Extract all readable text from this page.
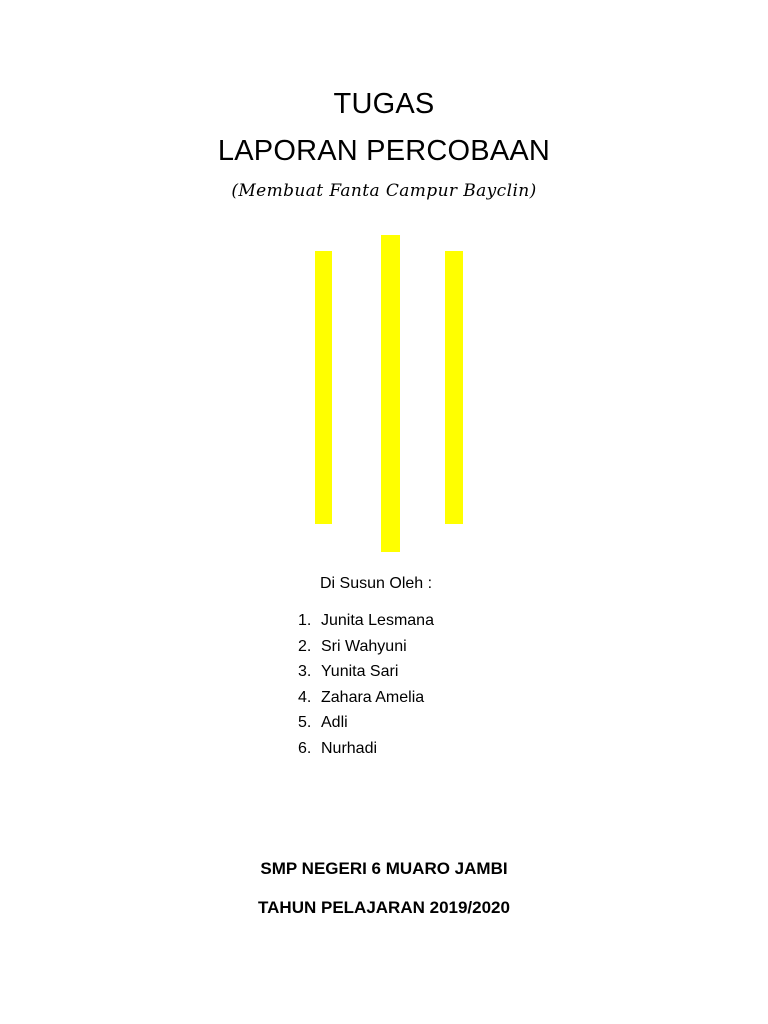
TUGAS
LAPORAN PERCOBAAN
(Membuat Fanta Campur Bayclin)
Di Susun Oleh :
1. Junita Lesmana
2. Sri Wahyuni
3. Yunita Sari
4. Zahara Amelia
5. Adli
6. Nurhadi
SMP NEGERI 6 MUARO JAMBI
TAHUN PELAJARAN 2019/2020
